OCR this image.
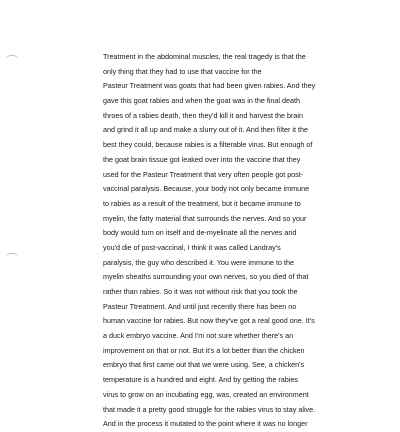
Treatment in the abdominal muscles, the real tragedy is that the
only thing that they had to use that vaccine for the
Pasteur Treatment was goats that had been given rabies. And they
gave this goat rabies and when the goat was in the final death
throes of a rabies death, then they'd kill it and harvest the brain
and grind it all up and make a slurry out of it. And then filter it the
best they could, because rabies is a filterable virus. But enough of
the goat brain tissue got leaked over into the vaccine that they
used for the Pasteur Treatment that very often people got post-
vaccinal paralysis. Because, your body not only became immune
to rabies as a result of the treatment, but it became immune to
myelin, the fatty material that surrounds the nerves. And so your
body would turn on itself and de-myelinate all the nerves and
you'd die of post-vaccinal, I think it was called Landray's
paralysis, the guy who described it. You were immune to the
myelin sheaths surrounding your own nerves, so you died of that
rather than rabies. So it was not without risk that you took the
Pasteur Ttreatment. And until just recently there has been no
human vaccine for rabies. But now they've got a real good one. It's
a duck embryo vaccine. And I'm not sure whether there's an
improvement on that or not. But it's a lot better than the chicken
embryo that first came out that we were using. See, a chicken's
temperature is a hundred and eight. And by getting the rabies
virus to grow on an incubating egg, was, created an environment
that made it a pretty good struggle for the rabies virus to stay alive.
And in the process it mutated to the point where it was no longer
